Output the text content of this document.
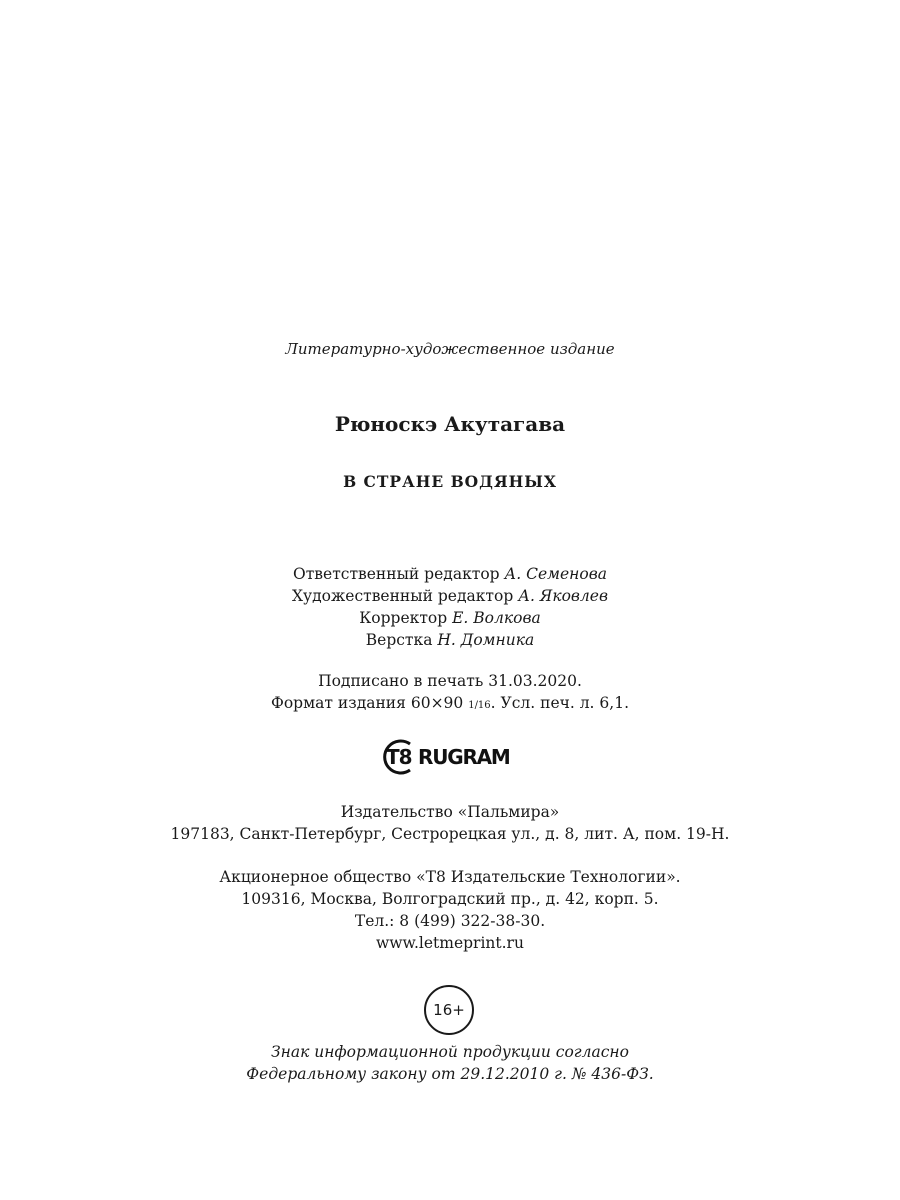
Литературно-художественное издание
Рюноскэ Акутагава
В СТРАНЕ ВОДЯНЫХ
Ответственный редактор А. Семенова
Художественный редактор А. Яковлев
Корректор Е. Волкова
Верстка Н. Домника
Подписано в печать 31.03.2020.
Формат издания 60×90 1/16. Усл. печ. л. 6,1.
T8 RUGRAM
Издательство «Пальмира»
197183, Санкт-Петербург, Сестрорецкая ул., д. 8, лит. А, пом. 19-Н.
Акционерное общество «Т8 Издательские Технологии».
109316, Москва, Волгоградский пр., д. 42, корп. 5.
Тел.: 8 (499) 322-38-30.
www.letmeprint.ru
16+
Знак информационной продукции согласно
Федеральному закону от 29.12.2010 г. № 436-ФЗ.
